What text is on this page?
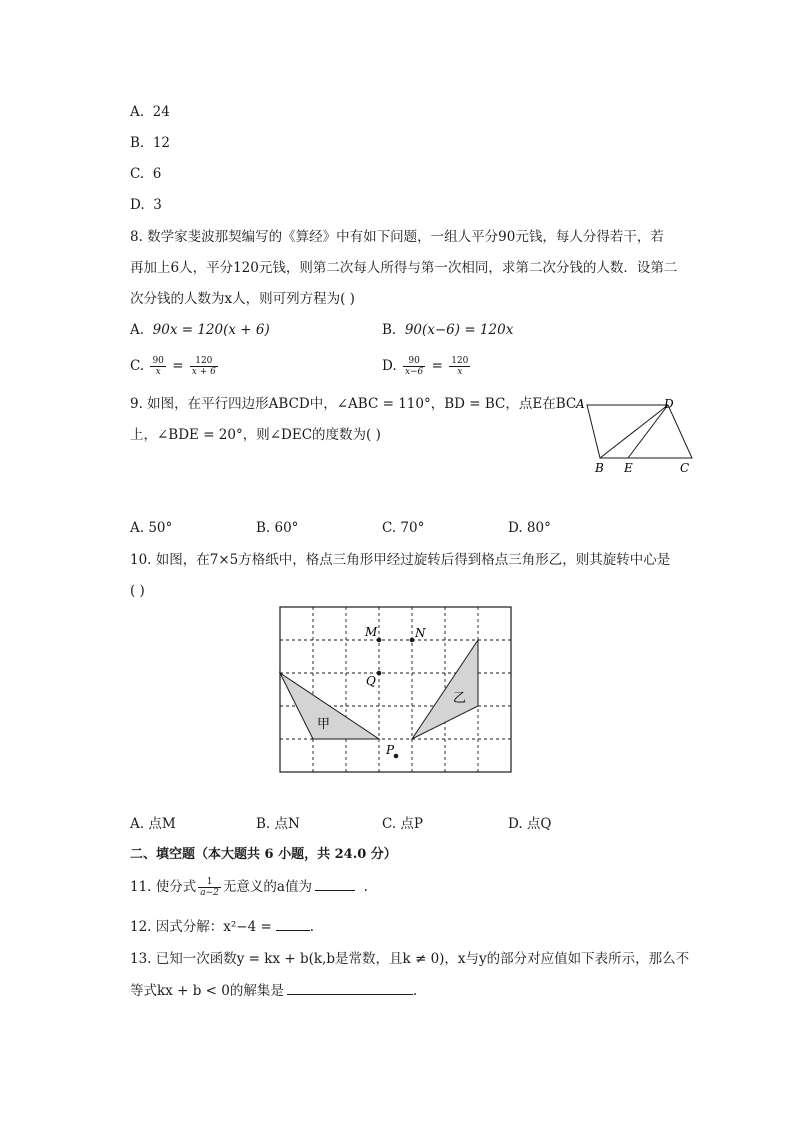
A. 24
B. 12
C. 6
D. 3
8. 数学家斐波那契编写的《算经》中有如下问题，一组人平分90元钱，每人分得若干，若
再加上6人，平分120元钱，则第二次每人所得与第一次相同，求第二次分钱的人数．设第二
次分钱的人数为x人，则可列方程为( )
A. 90x = 120(x + 6)	B. 90(x−6) = 120x
C. $\frac{90}{x} = \frac{120}{x + 6}$	D. $\frac{90}{x-6} = \frac{120}{x}$
9. 如图，在平行四边形ABCD中，∠ABC = 110°，BD = BC，点E在BC
上，∠BDE = 20°，则∠DEC的度数为( )
A	D
B E	C
A. 50°	B. 60°	C. 70°	D. 80°
10. 如图，在7×5方格纸中，格点三角形甲经过旋转后得到格点三角形乙，则其旋转中心是
( )
M	N
Q
P
甲
乙
A. 点M	B. 点N	C. 点P	D. 点Q
二、填空题（本大题共 6 小题，共 24.0 分）
11. 使分式 $\frac{1}{a-2}$ 无意义的a值为	.
12. 因式分解：x²−4 =	.
13. 已知一次函数y = kx + b(k,b是常数，且k ≠ 0)，x与y的部分对应值如下表所示，那么不
等式kx + b < 0的解集是	.
